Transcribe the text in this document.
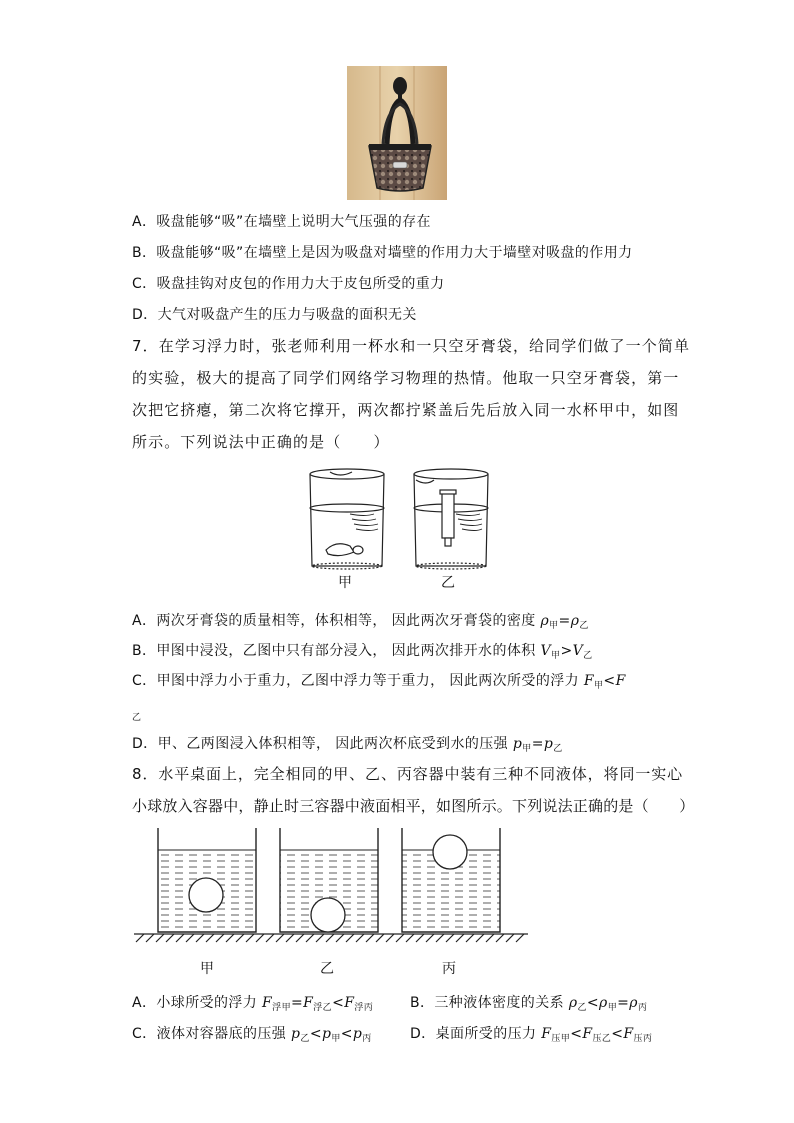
A．吸盘能够“吸”在墙壁上说明大气压强的存在
B．吸盘能够“吸”在墙壁上是因为吸盘对墙壁的作用力大于墙壁对吸盘的作用力
C．吸盘挂钩对皮包的作用力大于皮包所受的重力
D．大气对吸盘产生的压力与吸盘的面积无关
7．在学习浮力时，张老师利用一杯水和一只空牙膏袋，给同学们做了一个简单
的实验，极大的提高了同学们网络学习物理的热情。他取一只空牙膏袋，第一
次把它挤瘪，第二次将它撑开，两次都拧紧盖后先后放入同一水杯甲中，如图
所示。下列说法中正确的是（　　）
甲	乙
A．两次牙膏袋的质量相等，体积相等， 因此两次牙膏袋的密度 $\rho_甲=\rho_乙$
B．甲图中浸没，乙图中只有部分浸入， 因此两次排开水的体积 $V_甲>V_乙$
C．甲图中浮力小于重力，乙图中浮力等于重力， 因此两次所受的浮力 $F_甲<F$
$_乙$
D．甲、乙两图浸入体积相等， 因此两次杯底受到水的压强 $p_甲=p_乙$
8．水平桌面上，完全相同的甲、乙、丙容器中装有三种不同液体，将同一实心
小球放入容器中，静止时三容器中液面相平，如图所示。下列说法正确的是（　　）
甲	乙	丙
A．小球所受的浮力 $F_{浮甲}=F_{浮乙}<F_{浮丙}$	B．三种液体密度的关系 $\rho_乙<\rho_甲=\rho_丙$
C．液体对容器底的压强 $p_乙<p_甲<p_丙$	D．桌面所受的压力 $F_{压甲}<F_{压乙}<F_{压丙}$
